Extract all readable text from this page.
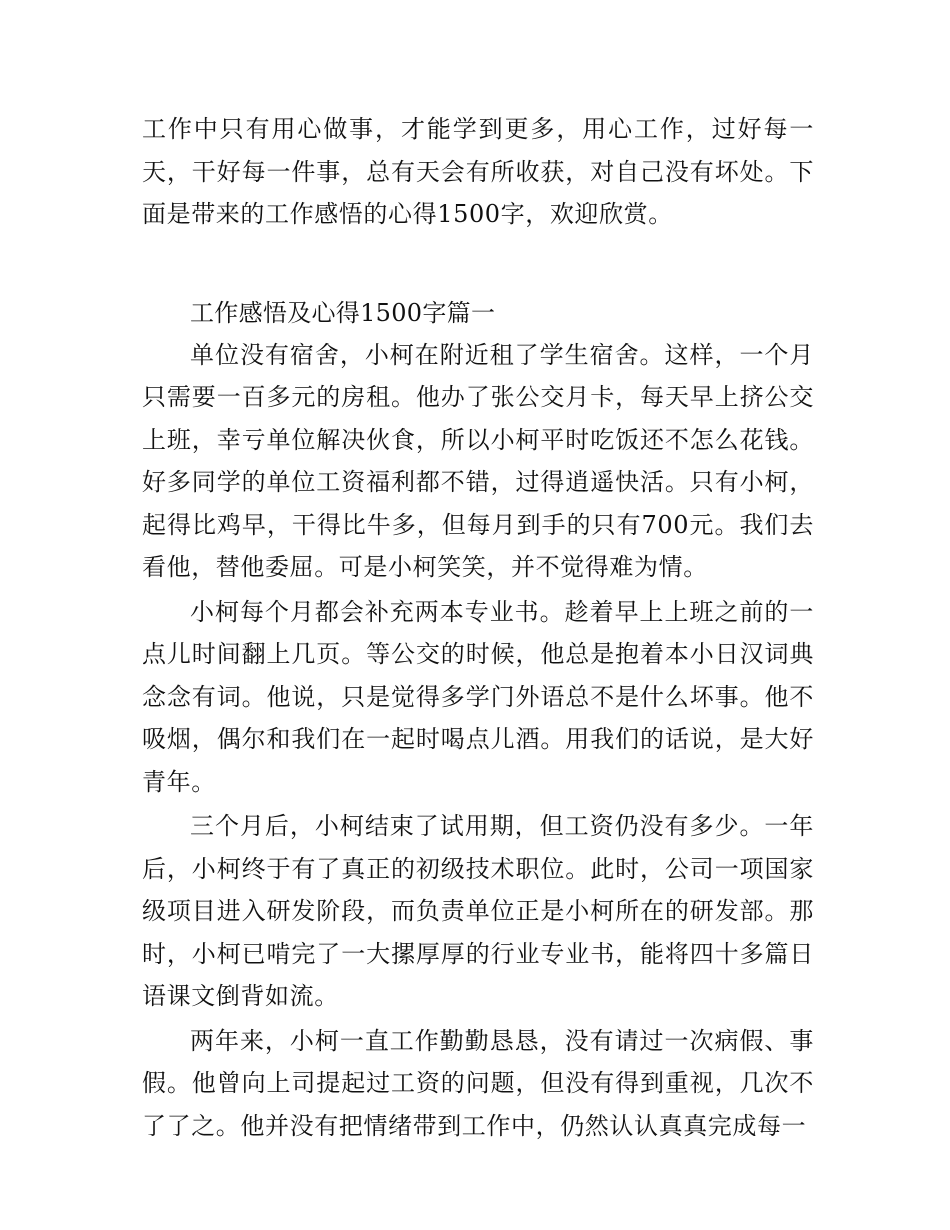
工作中只有用心做事，才能学到更多，用心工作，过好每一天，干好每一件事，总有天会有所收获，对自己没有坏处。下面是带来的工作感悟的心得1500字，欢迎欣赏。

工作感悟及心得1500字篇一

单位没有宿舍，小柯在附近租了学生宿舍。这样，一个月只需要一百多元的房租。他办了张公交月卡，每天早上挤公交上班，幸亏单位解决伙食，所以小柯平时吃饭还不怎么花钱。好多同学的单位工资福利都不错，过得逍遥快活。只有小柯，起得比鸡早，干得比牛多，但每月到手的只有700元。我们去看他，替他委屈。可是小柯笑笑，并不觉得难为情。

小柯每个月都会补充两本专业书。趁着早上上班之前的一点儿时间翻上几页。等公交的时候，他总是抱着本小日汉词典念念有词。他说，只是觉得多学门外语总不是什么坏事。他不吸烟，偶尔和我们在一起时喝点儿酒。用我们的话说，是大好青年。

三个月后，小柯结束了试用期，但工资仍没有多少。一年后，小柯终于有了真正的初级技术职位。此时，公司一项国家级项目进入研发阶段，而负责单位正是小柯所在的研发部。那时，小柯已啃完了一大摞厚厚的行业专业书，能将四十多篇日语课文倒背如流。

两年来，小柯一直工作勤勤恳恳，没有请过一次病假、事假。他曾向上司提起过工资的问题，但没有得到重视，几次不了了之。他并没有把情绪带到工作中，仍然认认真真完成每一
